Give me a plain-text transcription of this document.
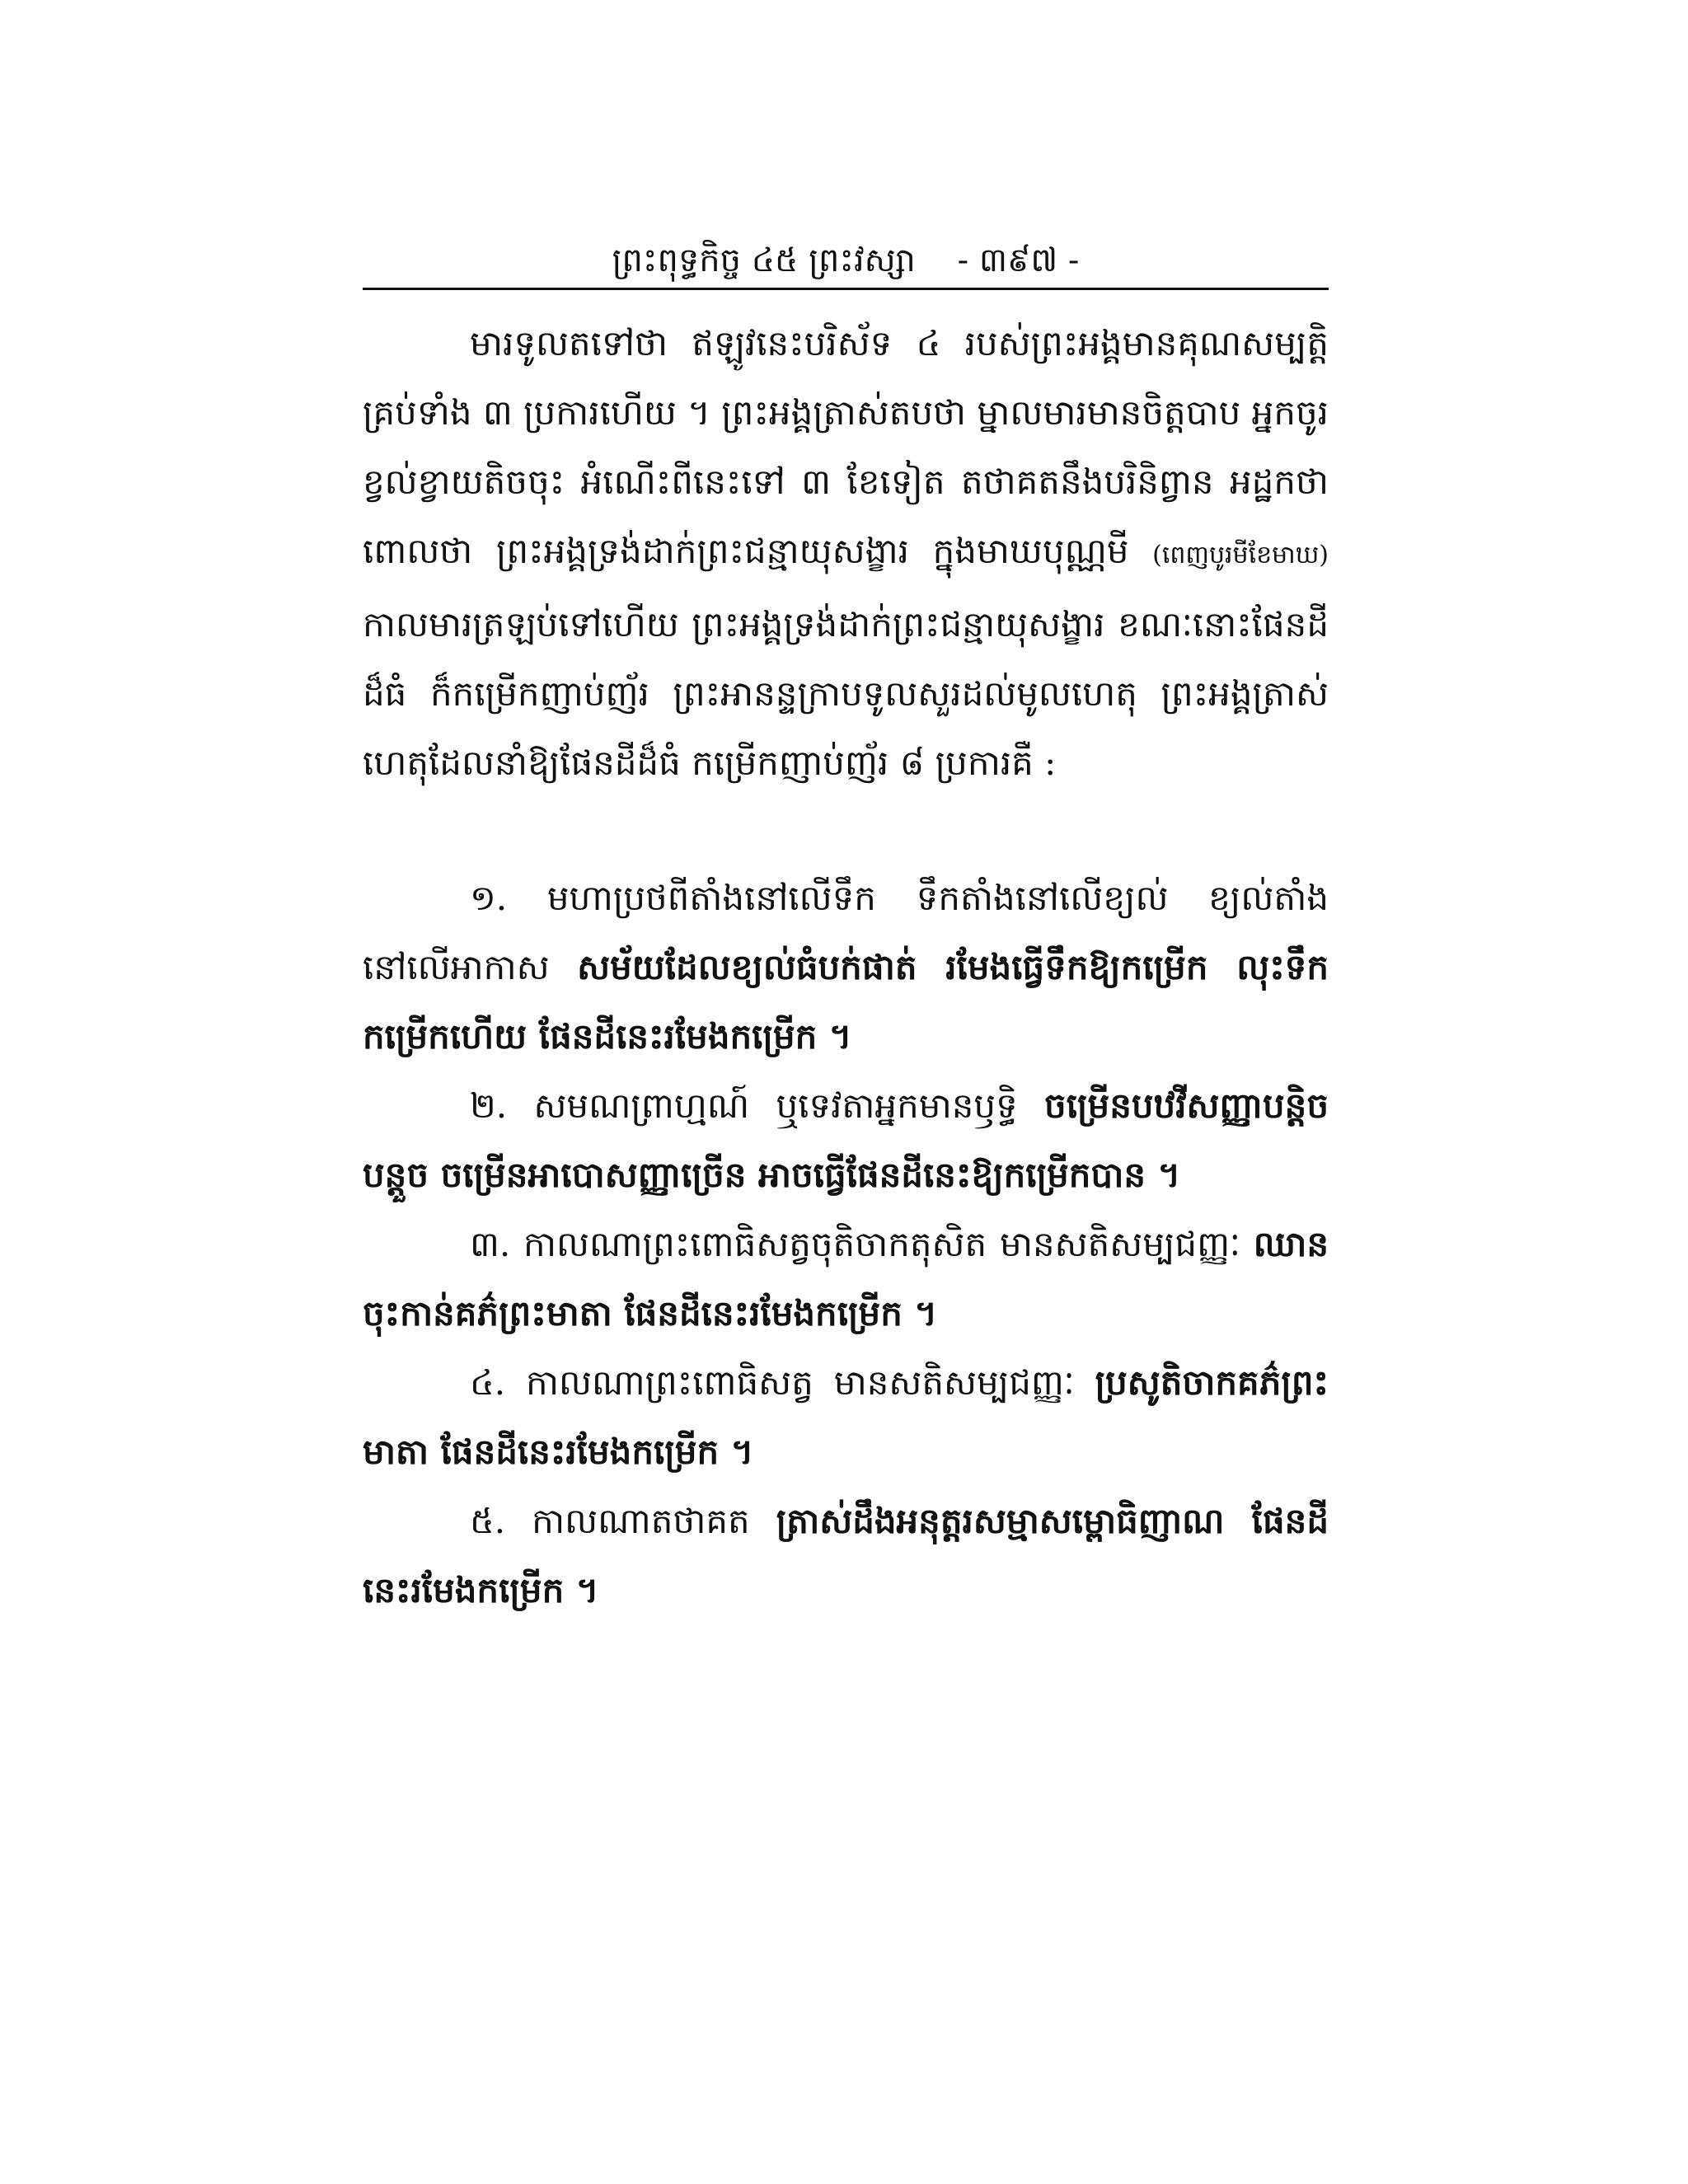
ព្រះពុទ្ធកិច្ច ៤៥ ព្រះវស្សា - ៣៩៧ -

មារទូលតទៅថា ឥឡូវនេះបរិស័ទ ៤ របស់ព្រះអង្គមានគុណសម្បត្តិគ្រប់ទាំង ៣ ប្រការហើយ ។ ព្រះអង្គត្រាស់តបថា ម្នាលមារមានចិត្តបាប អ្នកចូរខ្វល់ខ្វាយតិចចុះ អំណើះពីនេះទៅ ៣ ខែទៀត តថាគតនឹងបរិនិព្វាន អដ្ឋកថាពោលថា ព្រះអង្គទ្រង់ដាក់ព្រះជន្មាយុសង្ខារ ក្នុងមាឃបុណ្ណមី (ពេញបូរមីខែមាឃ) កាលមារត្រឡប់ទៅហើយ ព្រះអង្គទ្រង់ដាក់ព្រះជន្មាយុសង្ខារ ខណៈនោះផែនដីដ៏ធំ ក៏កម្រើកញាប់ញ័រ ព្រះអានន្ទក្រាបទូលសួរដល់មូលហេតុ ព្រះអង្គត្រាស់ហេតុដែលនាំឱ្យផែនដីដ៏ធំ កម្រើកញាប់ញ័រ ៨ ប្រការគឺ :

១. មហាប្រថពីតាំងនៅលើទឹក ទឹកតាំងនៅលើខ្យល់ ខ្យល់តាំងនៅលើអាកាស សម័យដែលខ្យល់ធំបក់ផាត់ រមែងធ្វើទឹកឱ្យកម្រើក លុះទឹកកម្រើកហើយ ផែនដីនេះរមែងកម្រើក ។

២. សមណព្រាហ្មណ៍ ឬទេវតាអ្នកមានឫទ្ធិ ចម្រើនបឋវីសញ្ញាបន្តិចបន្តួច ចម្រើនអាបោសញ្ញាច្រើន អាចធ្វើផែនដីនេះឱ្យកម្រើកបាន ។

៣. កាលណាព្រះពោធិសត្វចុតិចាកតុសិត មានសតិសម្បជញ្ញៈ ឈានចុះកាន់គភ៌ព្រះមាតា ផែនដីនេះរមែងកម្រើក ។

៤. កាលណាព្រះពោធិសត្វ មានសតិសម្បជញ្ញៈ ប្រសូតិចាកគភ៌ព្រះមាតា ផែនដីនេះរមែងកម្រើក ។

៥. កាលណាតថាគត ត្រាស់ដឹងអនុត្តរសម្មាសម្ពោធិញាណ ផែនដីនេះរមែងកម្រើក ។
